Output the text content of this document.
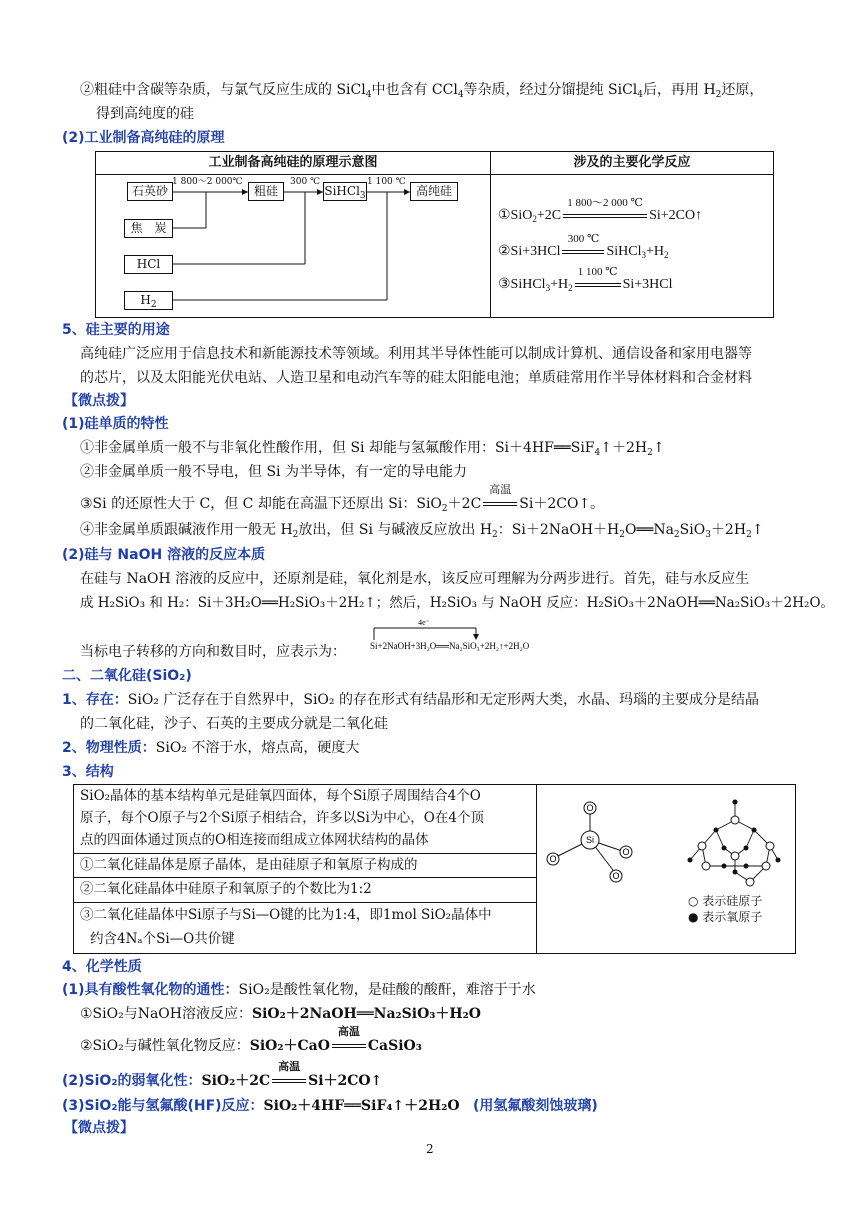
②粗硅中含碳等杂质，与氯气反应生成的 SiCl$_4$中也含有 CCl$_4$等杂质，经过分馏提纯 SiCl$_4$后，再用 $H_2$还原，
得到高纯度的硅
(2)工业制备高纯硅的原理
工业制备高纯硅的原理示意图	涉及的主要化学反应
石英砂
1 800～2 000℃
粗硅
300 ℃
SiHCl$_3$
1 100 ℃
高纯硅
焦　炭
HCl
$H_2$
①SiO$_2$+2C
1 800～2 000 ℃
Si+2CO↑
②Si+3HCl
300 ℃
$SiHCl_3+H_2$
$③SiHCl_3+H_2$
1 100 ℃
Si+3HCl
5、硅主要的用途
高纯硅广泛应用于信息技术和新能源技术等领域。利用其半导体性能可以制成计算机、通信设备和家用电器等
的芯片，以及太阳能光伏电站、人造卫星和电动汽车等的硅太阳能电池；单质硅常用作半导体材料和合金材料
【微点拨】
(1)硅单质的特性
①非金属单质一般不与非氧化性酸作用，但 Si 却能与氢氟酸作用：$Si+4HF══SiF_4↑+2H_2↑$
②非金属单质一般不导电，但 Si 为半导体，有一定的导电能力
③Si 的还原性大于 C，但 C 却能在高温下还原出 Si：SiO$_2$＋2C
高温
Si＋2CO↑。
④非金属单质跟碱液作用一般无 $H_2$放出，但 Si 与碱液反应放出 $H_2$：$Si+2NaOH+H_2O══Na_2SiO_3+2H_2↑$
(2)硅与 NaOH 溶液的反应本质
在硅与 NaOH 溶液的反应中，还原剂是硅，氧化剂是水，该反应可理解为分两步进行。首先，硅与水反应生
成 H₂SiO₃ 和 H₂：Si＋3H₂O══H₂SiO₃＋2H₂↑；然后，H₂SiO₃ 与 NaOH 反应：H₂SiO₃＋2NaOH══Na₂SiO₃＋2H₂O。
当标电子转移的方向和数目时，应表示为：
4e⁻
Si+2NaOH+3H₂O══Na₂SiO₃+2H₂↑+2H₂O
二、二氧化硅(SiO₂)
1、存在：SiO₂ 广泛存在于自然界中，SiO₂ 的存在形式有结晶形和无定形两大类，水晶、玛瑙的主要成分是结晶
的二氧化硅，沙子、石英的主要成分就是二氧化硅
2、物理性质：SiO₂ 不溶于水，熔点高，硬度大
3、结构
SiO₂晶体的基本结构单元是硅氧四面体，每个Si原子周围结合4个O
原子，每个O原子与2个Si原子相结合，许多以Si为中心，O在4个顶
点的四面体通过顶点的O相连接而组成立体网状结构的晶体
①二氧化硅晶体是原子晶体，是由硅原子和氧原子构成的
②二氧化硅晶体中硅原子和氧原子的个数比为1:2
③二氧化硅晶体中Si原子与Si—O键的比为1:4，即1mol SiO₂晶体中
约含4Nₐ个Si—O共价键
O
Si
O
O
O
○ 表示硅原子
● 表示氧原子
4、化学性质
(1)具有酸性氧化物的通性：SiO₂是酸性氧化物，是硅酸的酸酐，难溶于于水
①SiO₂与NaOH溶液反应：SiO₂＋2NaOH══Na₂SiO₃＋H₂O
②SiO₂与碱性氧化物反应：SiO₂＋CaO
高温
CaSiO₃
(2)SiO₂的弱氧化性：SiO₂＋2C
高温
Si＋2CO↑
(3)SiO₂能与氢氟酸(HF)反应：SiO₂＋4HF══SiF₄↑＋2H₂O (用氢氟酸刻蚀玻璃)
【微点拨】
2
